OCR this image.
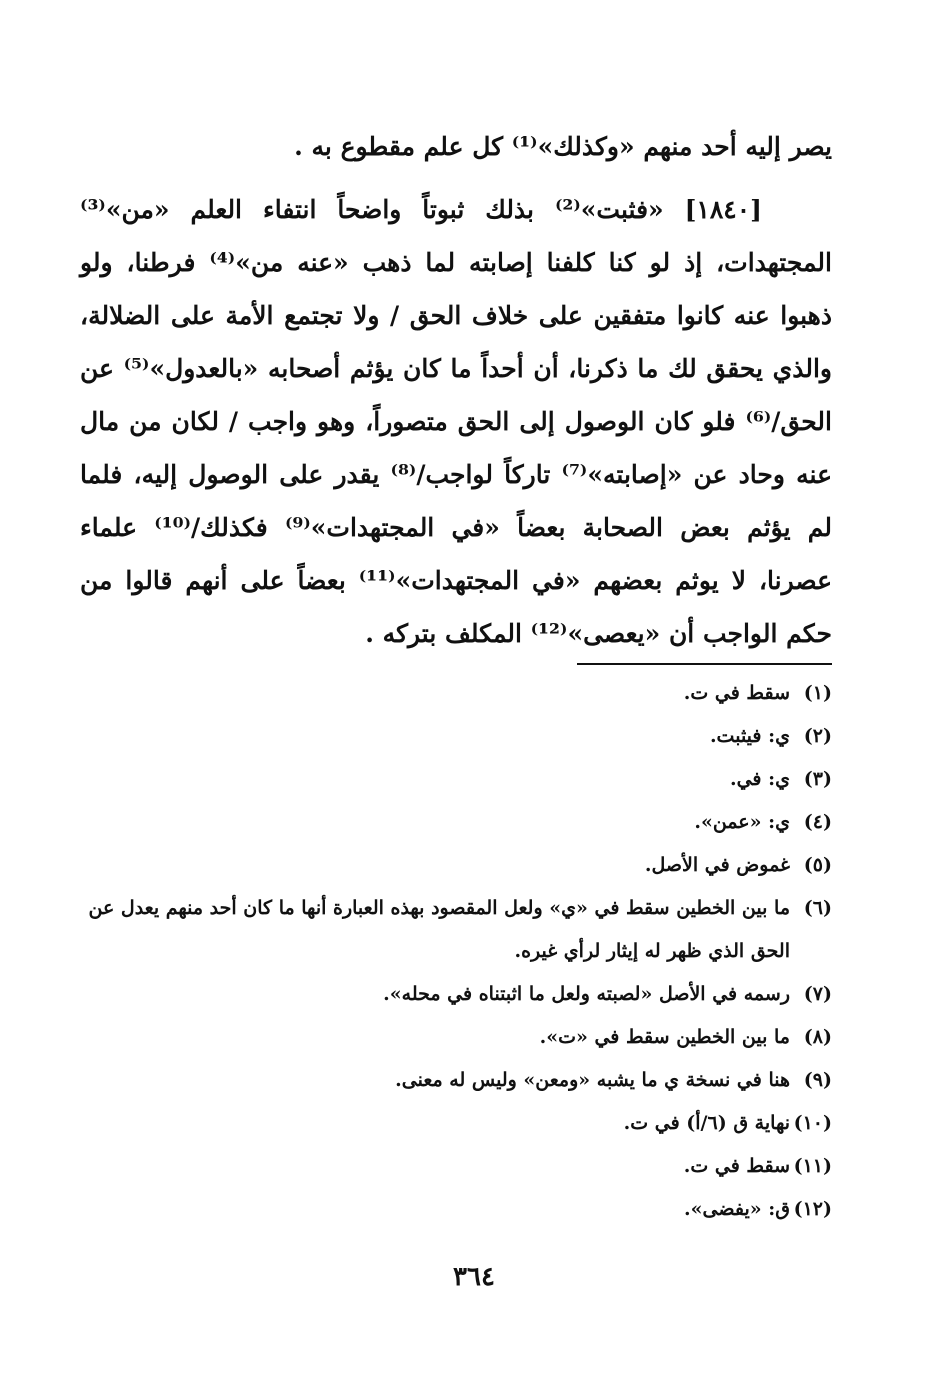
يصر إليه أحد منهم «وكذلك»⁽¹⁾ كل علم مقطوع به .

[١٨٤٠] «فثبت»⁽²⁾ بذلك ثبوتاً واضحاً انتفاء العلم «من»⁽³⁾ المجتهدات، إذ لو كنا كلفنا إصابته لما ذهب «عنه من»⁽⁴⁾ فرطنا، ولو ذهبوا عنه كانوا متفقين على خلاف الحق / ولا تجتمع الأمة على الضلالة، والذي يحقق لك ما ذكرنا، أن أحداً ما كان يؤثم أصحابه «بالعدول»⁽⁵⁾ عن الحق/⁽⁶⁾ فلو كان الوصول إلى الحق متصوراً، وهو واجب / لكان من مال عنه وحاد عن «إصابته»⁽⁷⁾ تاركاً لواجب/⁽⁸⁾ يقدر على الوصول إليه، فلما لم يؤثم بعض الصحابة بعضاً «في المجتهدات»⁽⁹⁾ فكذلك/⁽¹⁰⁾ علماء عصرنا، لا يوثم بعضهم «في المجتهدات»⁽¹¹⁾ بعضاً على أنهم قالوا من حكم الواجب أن «يعصى»⁽¹²⁾ المكلف بتركه .

(١)
سقط في ت.
(٢)
ي: فيثبت.
(٣)
ي: في.
(٤)
ي: «عمن».
(٥)
غموض في الأصل.
(٦)
ما بين الخطين سقط في «ي» ولعل المقصود بهذه العبارة أنها ما كان أحد منهم يعدل عن الحق الذي ظهر له إيثار لرأي غيره.
(٧)
رسمه في الأصل «لصبته ولعل ما اثبتناه في محله».
(٨)
ما بين الخطين سقط في «ت».
(٩)
هنا في نسخة ي ما يشبه «ومعن» وليس له معنى.
(١٠)
نهاية ق (٦/أ) في ت.
(١١)
سقط في ت.
(١٢)
ق: «يفضى».
٣٦٤
